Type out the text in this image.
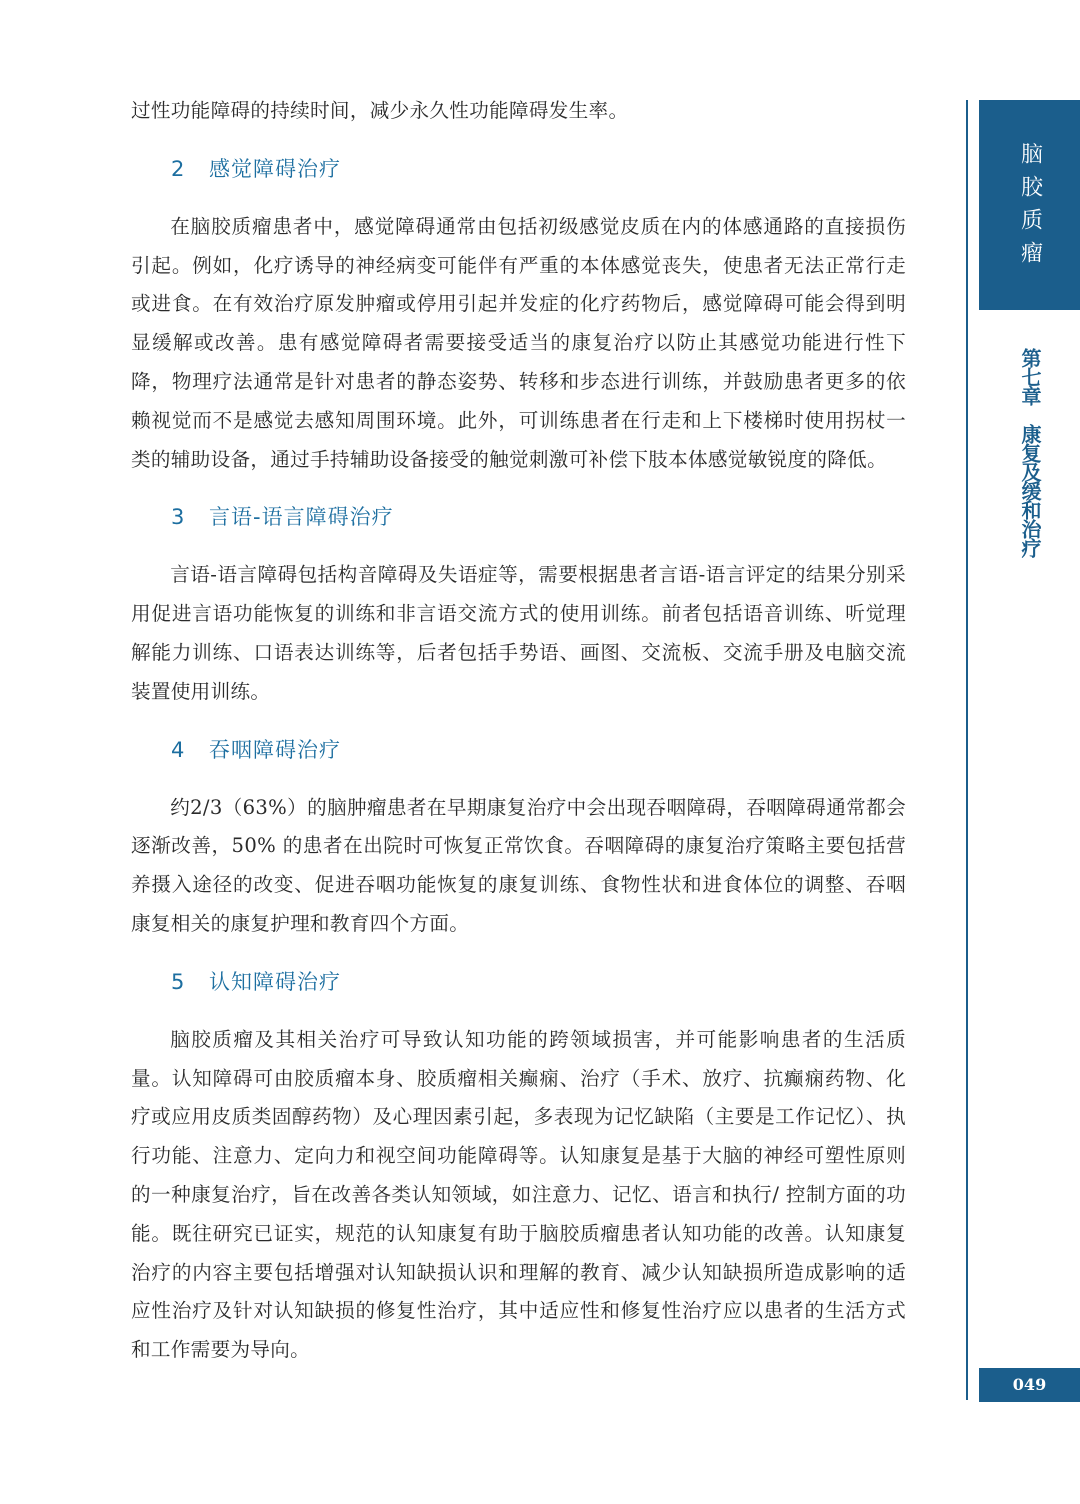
过性功能障碍的持续时间，减少永久性功能障碍发生率。

2 感觉障碍治疗

在脑胶质瘤患者中，感觉障碍通常由包括初级感觉皮质在内的体感通路的直接损伤引起。例如，化疗诱导的神经病变可能伴有严重的本体感觉丧失，使患者无法正常行走或进食。在有效治疗原发肿瘤或停用引起并发症的化疗药物后，感觉障碍可能会得到明显缓解或改善。患有感觉障碍者需要接受适当的康复治疗以防止其感觉功能进行性下降，物理疗法通常是针对患者的静态姿势、转移和步态进行训练，并鼓励患者更多的依赖视觉而不是感觉去感知周围环境。此外，可训练患者在行走和上下楼梯时使用拐杖一类的辅助设备，通过手持辅助设备接受的触觉刺激可补偿下肢本体感觉敏锐度的降低。

3 言语-语言障碍治疗

言语-语言障碍包括构音障碍及失语症等，需要根据患者言语-语言评定的结果分别采用促进言语功能恢复的训练和非言语交流方式的使用训练。前者包括语音训练、听觉理解能力训练、口语表达训练等，后者包括手势语、画图、交流板、交流手册及电脑交流装置使用训练。

4 吞咽障碍治疗

约2/3（63%）的脑肿瘤患者在早期康复治疗中会出现吞咽障碍，吞咽障碍通常都会逐渐改善，50% 的患者在出院时可恢复正常饮食。吞咽障碍的康复治疗策略主要包括营养摄入途径的改变、促进吞咽功能恢复的康复训练、食物性状和进食体位的调整、吞咽康复相关的康复护理和教育四个方面。

5 认知障碍治疗

脑胶质瘤及其相关治疗可导致认知功能的跨领域损害，并可能影响患者的生活质量。认知障碍可由胶质瘤本身、胶质瘤相关癫痫、治疗（手术、放疗、抗癫痫药物、化疗或应用皮质类固醇药物）及心理因素引起，多表现为记忆缺陷（主要是工作记忆）、执行功能、注意力、定向力和视空间功能障碍等。认知康复是基于大脑的神经可塑性原则的一种康复治疗，旨在改善各类认知领域，如注意力、记忆、语言和执行/ 控制方面的功能。既往研究已证实，规范的认知康复有助于脑胶质瘤患者认知功能的改善。认知康复治疗的内容主要包括增强对认知缺损认识和理解的教育、减少认知缺损所造成影响的适应性治疗及针对认知缺损的修复性治疗，其中适应性和修复性治疗应以患者的生活方式和工作需要为导向。

脑胶质瘤
第七章　康复及缓和治疗
049
